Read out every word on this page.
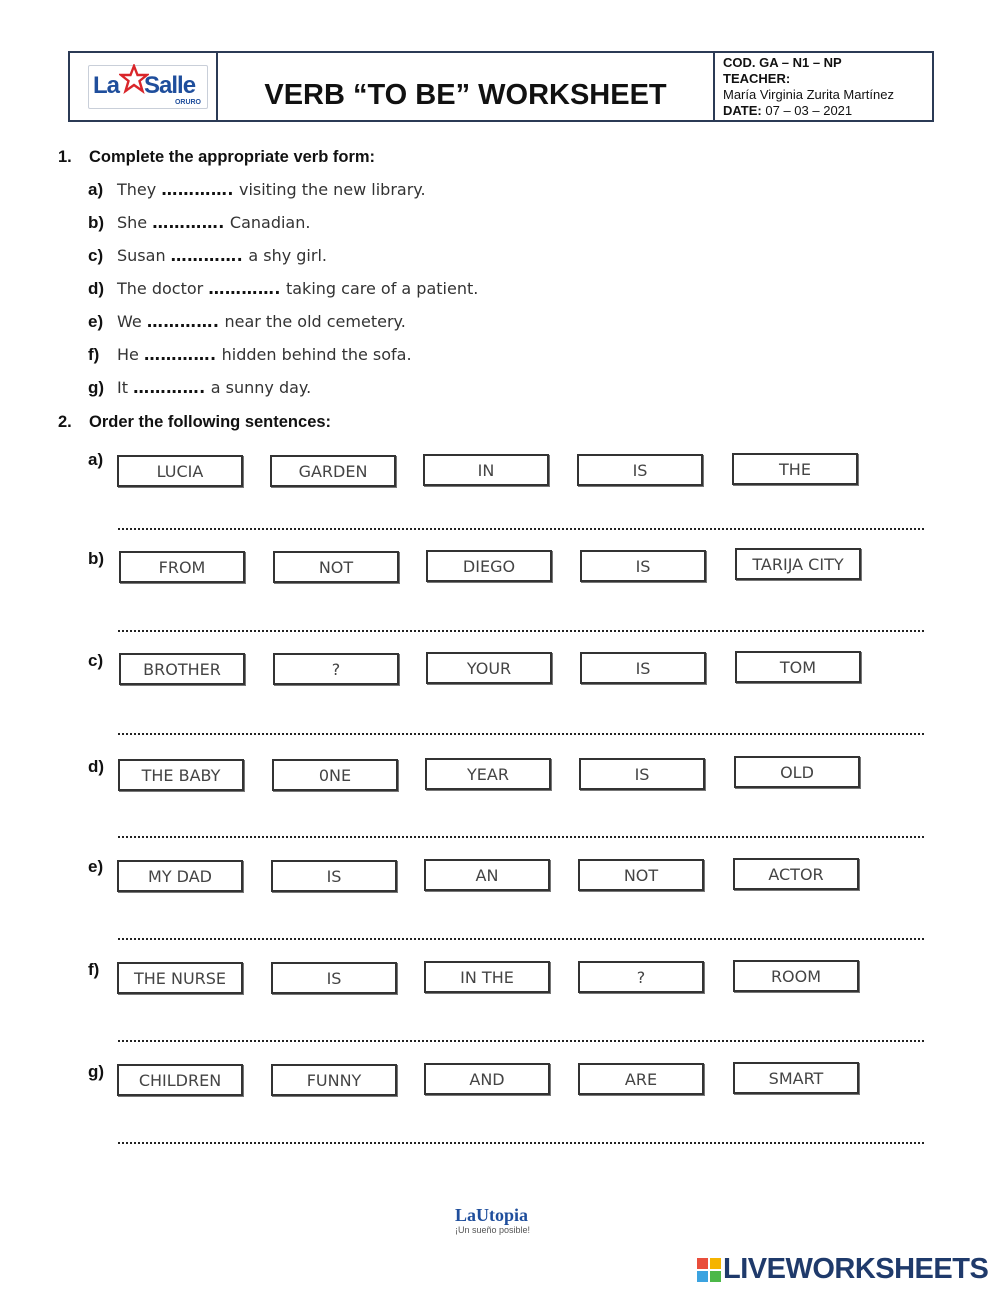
La Salle
ORURO VERB “TO BE” WORKSHEET
COD. GA – N1 – NP
TEACHER:
María Virginia Zurita Martínez
DATE: 07 – 03 – 2021
1. Complete the appropriate verb form:
a) They …………. visiting the new library.
b) She …………. Canadian.
c) Susan …………. a shy girl.
d) The doctor …………. taking care of a patient.
e) We …………. near the old cemetery.
f) He …………. hidden behind the sofa.
g) It …………. a sunny day.
2. Order the following sentences:
a)
LUCIA	GARDEN	IN	IS	THE
b)	FROM	NOT	DIEGO	IS	TARIJA CITY
c)	BROTHER	?	YOUR	IS	TOM
d)	THE BABY	0NE	YEAR	IS	OLD
e)	MY DAD	IS	AN	NOT	ACTOR
f)	THE NURSE	IS	IN THE	?	ROOM
g)	CHILDREN	FUNNY	AND	ARE	SMART
LaUtopia
¡Un sueño posible!
LIVEWORKSHEETS
